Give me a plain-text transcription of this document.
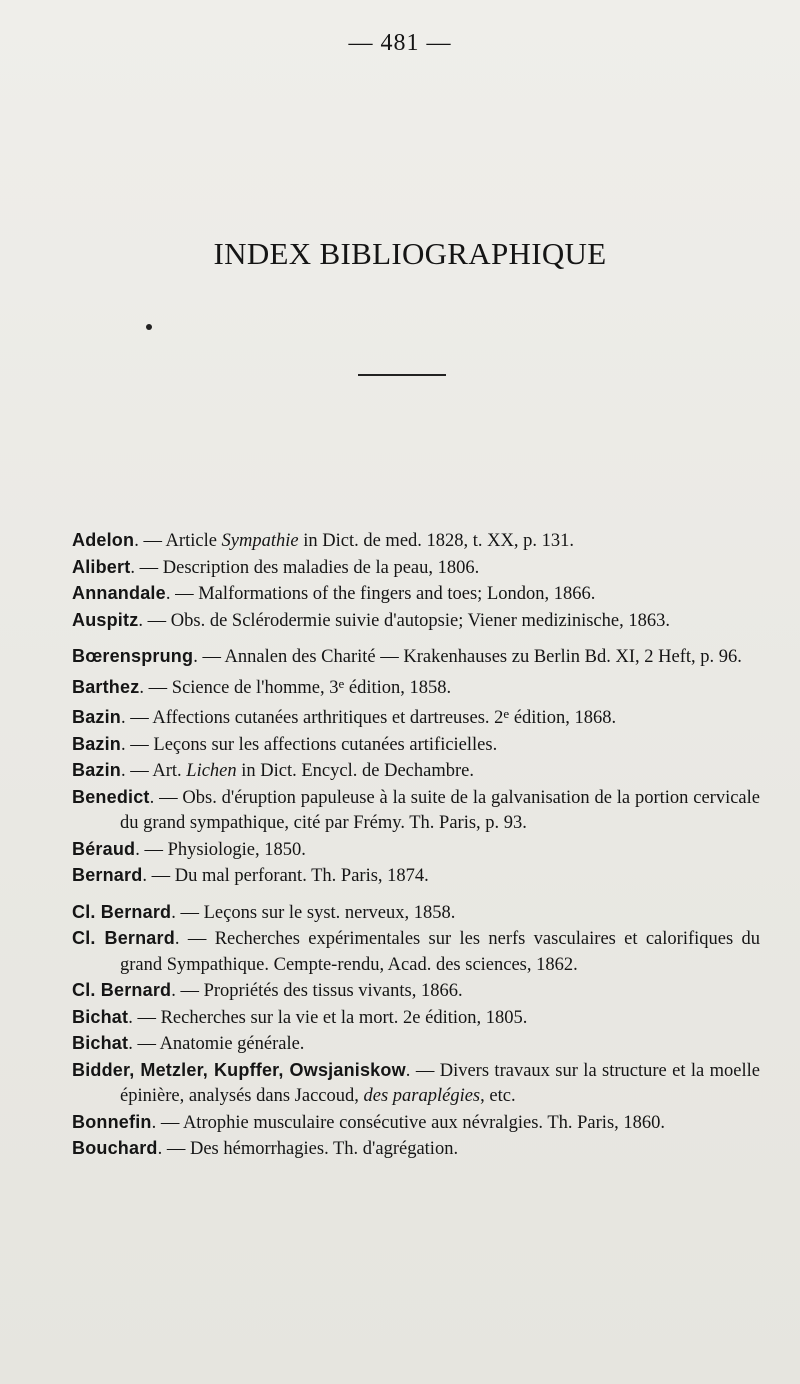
— 481 —
INDEX BIBLIOGRAPHIQUE

Adelon. — Article Sympathie in Dict. de med. 1828, t. XX, p. 131.

Alibert. — Description des maladies de la peau, 1806.

Annandale. — Malformations of the fingers and toes; London, 1866.

Auspitz. — Obs. de Sclérodermie suivie d'autopsie; Viener medizinische, 1863.

Bœrensprung. — Annalen des Charité — Krakenhauses zu Berlin Bd. XI, 2 Heft, p. 96.

Barthez. — Science de l'homme, 3e édition, 1858.

Bazin. — Affections cutanées arthritiques et dartreuses. 2e édition, 1868.

Bazin. — Leçons sur les affections cutanées artificielles.

Bazin. — Art. Lichen in Dict. Encycl. de Dechambre.

Benedict. — Obs. d'éruption papuleuse à la suite de la galvanisation de la portion cervicale du grand sympathique, cité par Frémy. Th. Paris, p. 93.

Béraud. — Physiologie, 1850.

Bernard. — Du mal perforant. Th. Paris, 1874.

Cl. Bernard. — Leçons sur le syst. nerveux, 1858.

Cl. Bernard. — Recherches expérimentales sur les nerfs vasculaires et calorifiques du grand Sympathique. Cempte-rendu, Acad. des sciences, 1862.

Cl. Bernard. — Propriétés des tissus vivants, 1866.

Bichat. — Recherches sur la vie et la mort. 2e édition, 1805.

Bichat. — Anatomie générale.

Bidder, Metzler, Kupffer, Owsjaniskow. — Divers travaux sur la structure et la moelle épinière, analysés dans Jaccoud, des paraplégies, etc.

Bonnefin. — Atrophie musculaire consécutive aux névralgies. Th. Paris, 1860.

Bouchard. — Des hémorrhagies. Th. d'agrégation.
